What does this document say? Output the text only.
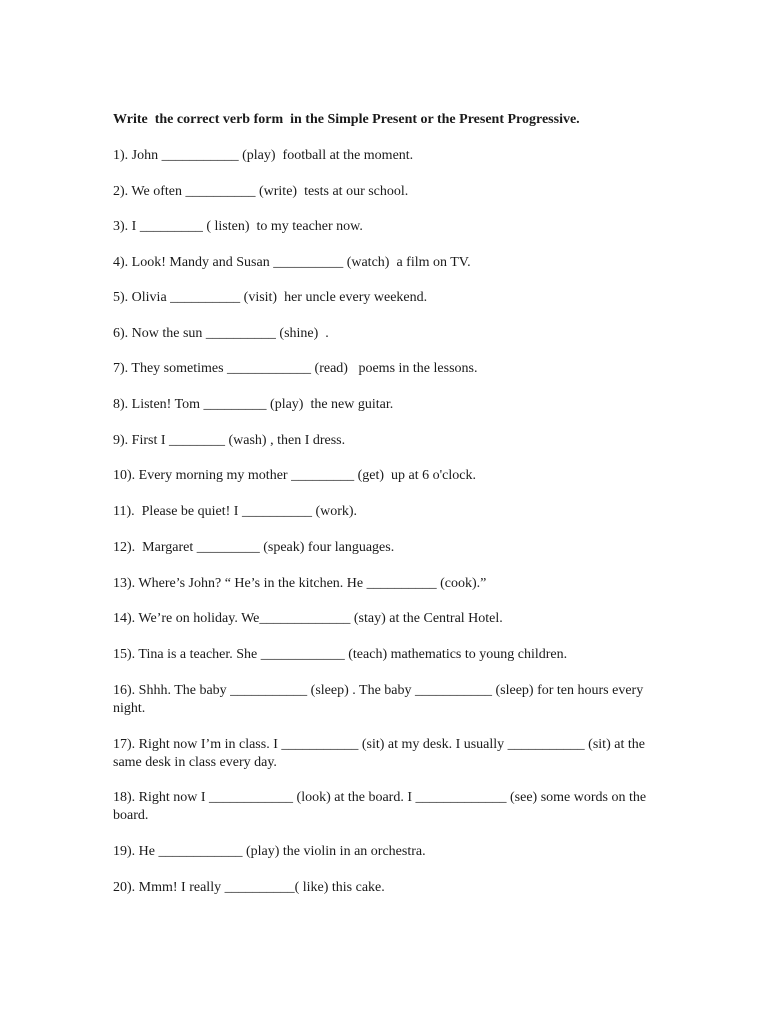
Write  the correct verb form  in the Simple Present or the Present Progressive.
1). John ___________ (play)  football at the moment.
2). We often __________ (write)  tests at our school.
3). I _________ ( listen)  to my teacher now.
4). Look! Mandy and Susan __________ (watch)  a film on TV.
5). Olivia __________ (visit)  her uncle every weekend.
6). Now the sun __________ (shine)  .
7). They sometimes ____________ (read)   poems in the lessons.
8). Listen! Tom _________ (play)  the new guitar.
9). First I ________ (wash) , then I dress.
10). Every morning my mother _________ (get)  up at 6 o'clock.
11).  Please be quiet! I __________ (work).
12).  Margaret _________ (speak) four languages.
13). Where’s John? “ He’s in the kitchen. He __________ (cook).”
14). We’re on holiday. We_____________ (stay) at the Central Hotel.
15). Tina is a teacher. She ____________ (teach) mathematics to young children.
16). Shhh. The baby ___________ (sleep) . The baby ___________ (sleep) for ten hours every night.
17). Right now I’m in class. I ___________ (sit) at my desk. I usually ___________ (sit) at the same desk in class every day.
18). Right now I ____________ (look) at the board. I _____________ (see) some words on the board.
19). He ____________ (play) the violin in an orchestra.
20). Mmm! I really __________( like) this cake.
